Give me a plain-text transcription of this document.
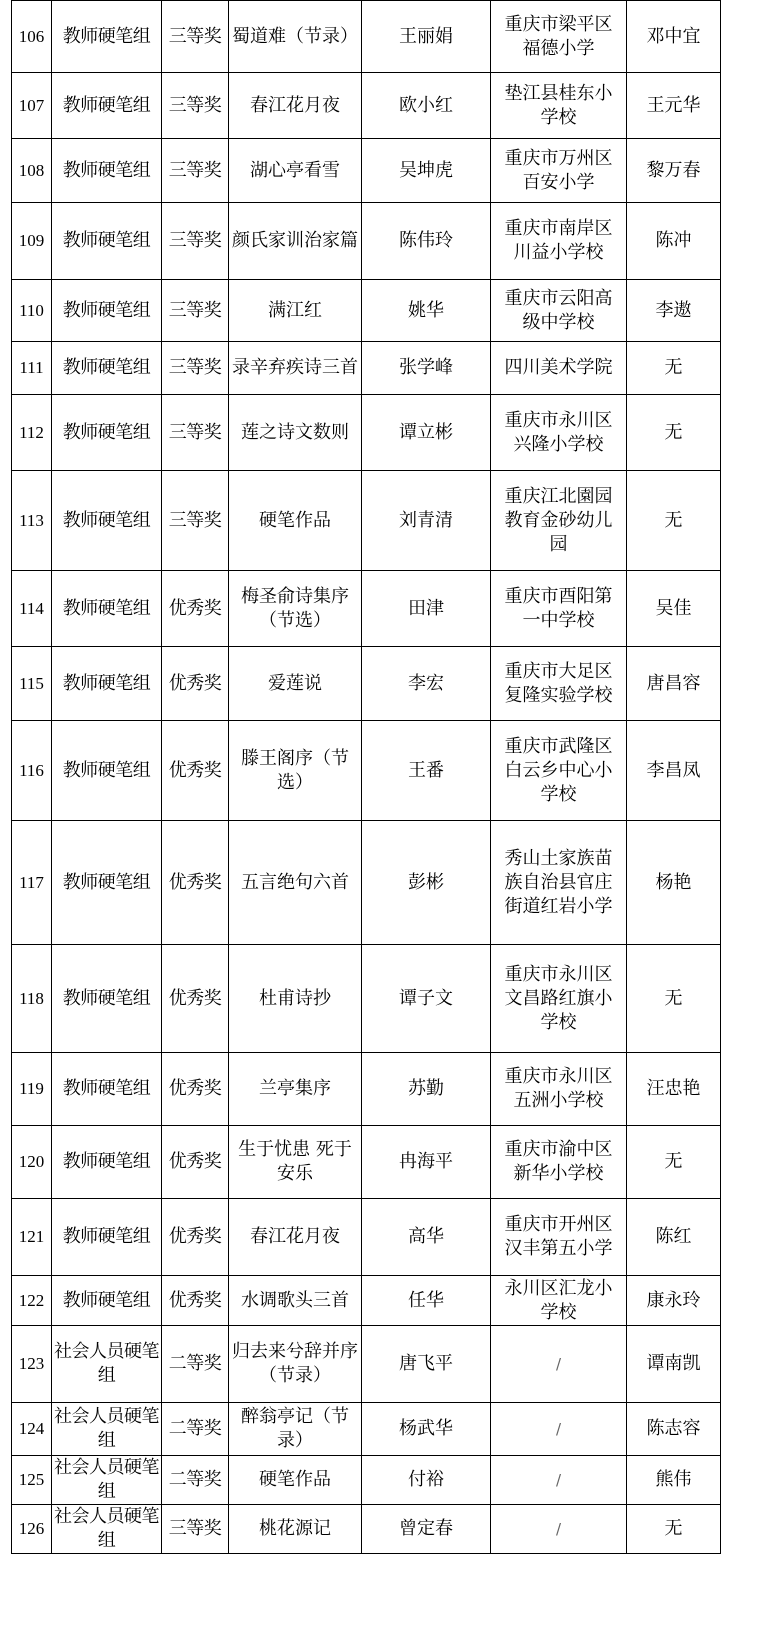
106	教师硬笔组	三等奖	蜀道难（节录）	王丽娟	重庆市梁平区福德小学	邓中宜
107	教师硬笔组	三等奖	春江花月夜	欧小红	垫江县桂东小学校	王元华
108	教师硬笔组	三等奖	湖心亭看雪	吴坤虎	重庆市万州区百安小学	黎万春
109	教师硬笔组	三等奖	颜氏家训治家篇	陈伟玲	重庆市南岸区川益小学校	陈冲
110	教师硬笔组	三等奖	满江红	姚华	重庆市云阳高级中学校	李遨
111	教师硬笔组	三等奖	录辛弃疾诗三首	张学峰	四川美术学院	无
112	教师硬笔组	三等奖	莲之诗文数则	谭立彬	重庆市永川区兴隆小学校	无
113	教师硬笔组	三等奖	硬笔作品	刘青清	重庆江北園园教育金砂幼儿园	无
114	教师硬笔组	优秀奖	梅圣俞诗集序（节选）	田津	重庆市酉阳第一中学校	吴佳
115	教师硬笔组	优秀奖	爱莲说	李宏	重庆市大足区复隆实验学校	唐昌容
116	教师硬笔组	优秀奖	滕王阁序（节选）	王番	重庆市武隆区白云乡中心小学校	李昌凤
117	教师硬笔组	优秀奖	五言绝句六首	彭彬	秀山土家族苗族自治县官庄街道红岩小学	杨艳
118	教师硬笔组	优秀奖	杜甫诗抄	谭子文	重庆市永川区文昌路红旗小学校	无
119	教师硬笔组	优秀奖	兰亭集序	苏勤	重庆市永川区五洲小学校	汪忠艳
120	教师硬笔组	优秀奖	生于忧患 死于安乐	冉海平	重庆市渝中区新华小学校	无
121	教师硬笔组	优秀奖	春江花月夜	高华	重庆市开州区汉丰第五小学	陈红
122	教师硬笔组	优秀奖	水调歌头三首	任华	永川区汇龙小学校	康永玲
123	社会人员硬笔组	二等奖	归去来兮辞并序（节录）	唐飞平	/	谭南凯
124	社会人员硬笔组	二等奖	醉翁亭记（节录）	杨武华	/	陈志容
125	社会人员硬笔组	二等奖	硬笔作品	付裕	/	熊伟
126	社会人员硬笔组	三等奖	桃花源记	曾定春	/	无
